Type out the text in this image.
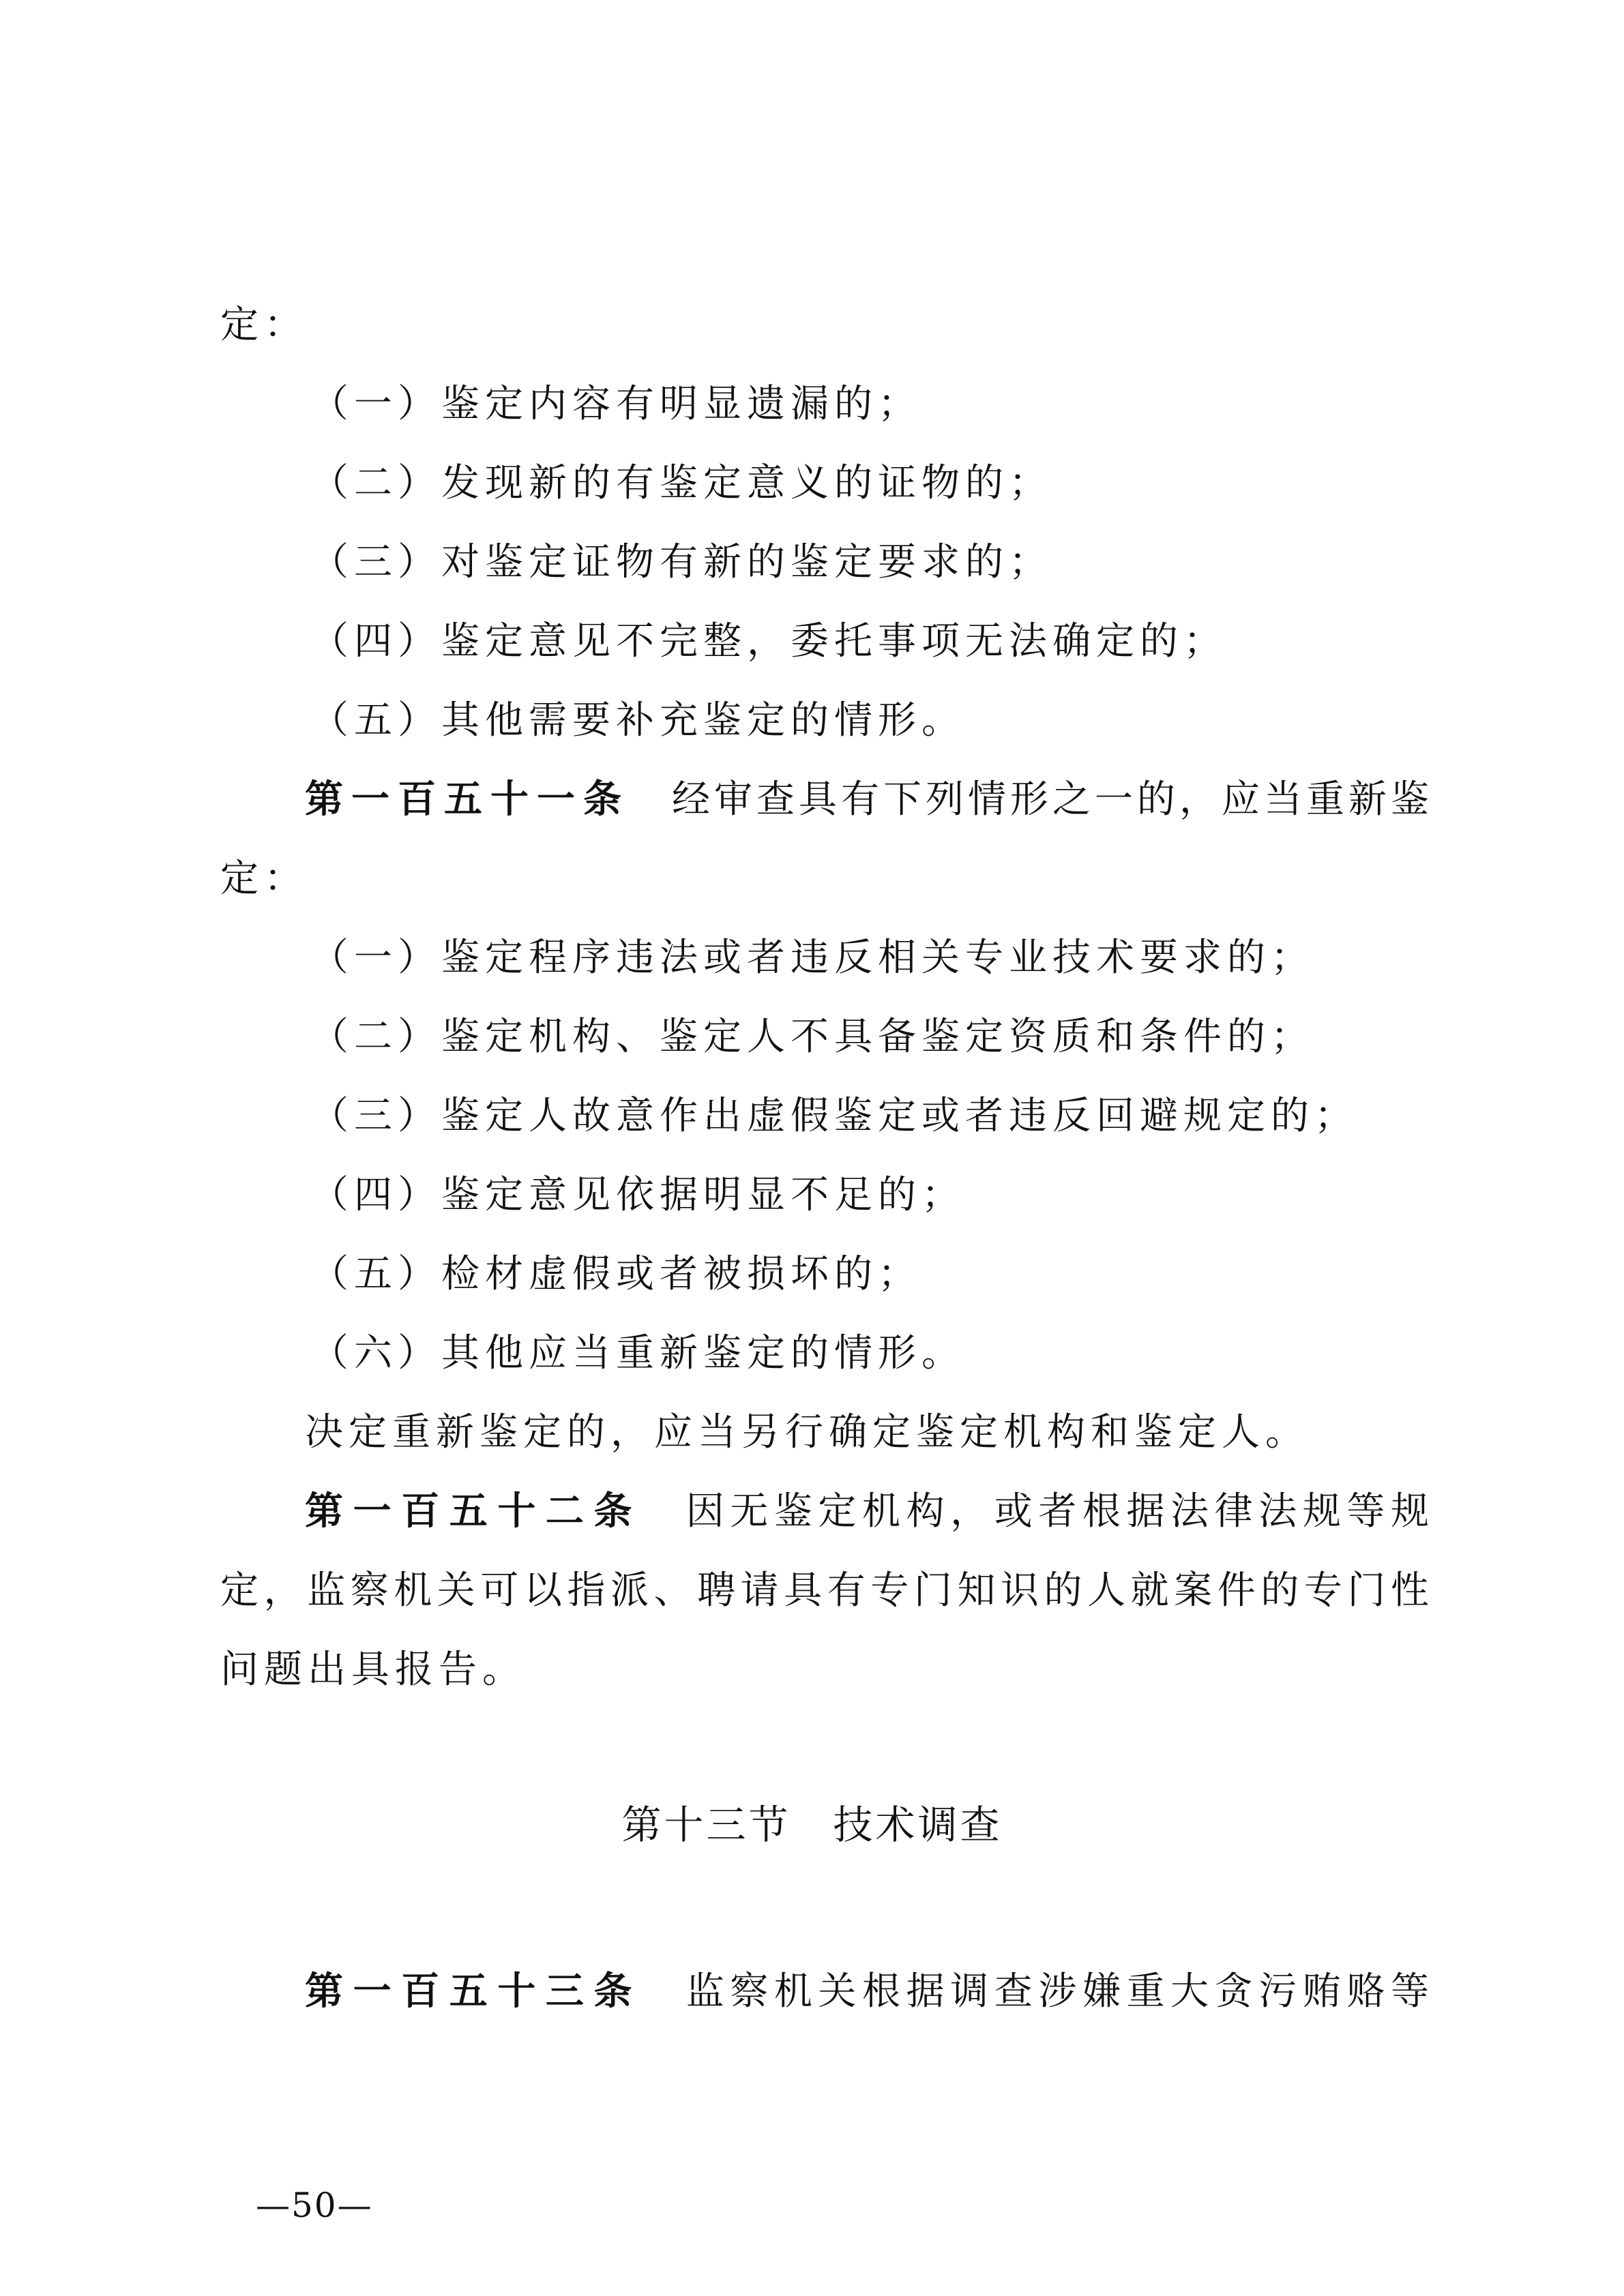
定：
（一）鉴定内容有明显遗漏的；
（二）发现新的有鉴定意义的证物的；
（三）对鉴定证物有新的鉴定要求的；
（四）鉴定意见不完整，委托事项无法确定的；
（五）其他需要补充鉴定的情形。
第一百五十一条　 经审查具有下列情形之一的，应当重新鉴
定：
（一）鉴定程序违法或者违反相关专业技术要求的；
（二）鉴定机构、鉴定人不具备鉴定资质和条件的；
（三）鉴定人故意作出虚假鉴定或者违反回避规定的；
（四）鉴定意见依据明显不足的；
（五）检材虚假或者被损坏的；
（六）其他应当重新鉴定的情形。
决定重新鉴定的，应当另行确定鉴定机构和鉴定人。
第一百五十二条　 因无鉴定机构，或者根据法律法规等规
定，监察机关可以指派、聘请具有专门知识的人就案件的专门性
问题出具报告。
第十三节　技术调查
第一百五十三条　 监察机关根据调查涉嫌重大贪污贿赂等
—50—
